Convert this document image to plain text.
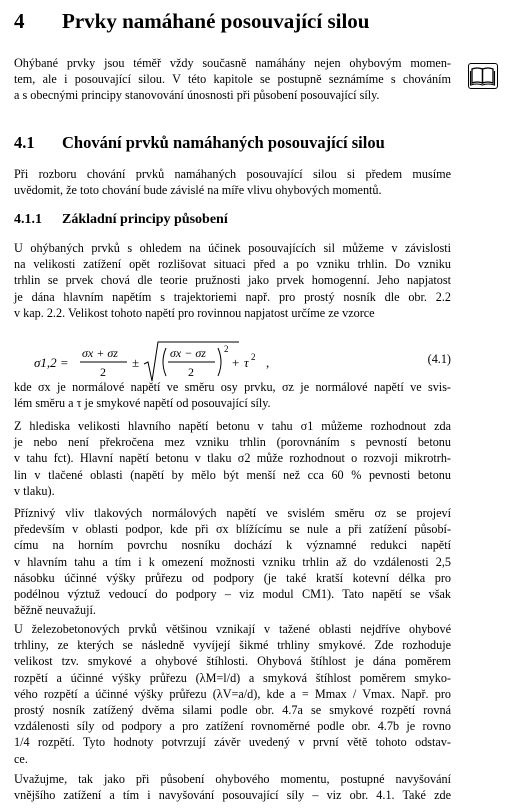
4 Prvky namáhané posouvající silou
Ohýbané prvky jsou téměř vždy současně namáhány nejen ohybovým momen-
tem, ale i posouvající silou. V této kapitole se postupně seznámíme s chováním
a s obecnými principy stanovování únosnosti při působení posouvající síly.
4.1 Chování prvků namáhaných posouvající silou
Při rozboru chování prvků namáhaných posouvající silou si předem musíme
uvědomit, že toto chování bude závislé na míře vlivu ohybových momentů.
4.1.1 Základní principy působení
U ohýbaných prvků s ohledem na účinek posouvajících sil můžeme v závislosti
na velikosti zatížení opět rozlišovat situaci před a po vzniku trhlin. Do vzniku
trhlin se prvek chová dle teorie pružnosti jako prvek homogenní. Jeho napjatost
je dána hlavním napětím s trajektoriemi např. pro prostý nosník dle obr. 2.2
v kap. 2.2. Velikost tohoto napětí pro rovinnou napjatost určíme ze vzorce
σ1,2 =
σx + σz
2
±
σx − σz
2
2
+ τ 2 ,	(4.1)
kde σx je normálové napětí ve směru osy prvku, σz je normálové napětí ve svis-
lém směru a τ je smykové napětí od posouvající síly.
Z hlediska velikosti hlavního napětí betonu v tahu σ1 můžeme rozhodnout zda
je nebo není překročena mez vzniku trhlin (porovnáním s pevností betonu
v tahu fct). Hlavní napětí betonu v tlaku σ2 může rozhodnout o rozvoji mikrotrh-
lin v tlačené oblasti (napětí by mělo být menší než cca 60 % pevnosti betonu
v tlaku).
Příznivý vliv tlakových normálových napětí ve svislém směru σz se projeví
především v oblasti podpor, kde při σx blížícímu se nule a při zatížení působí-
címu na horním povrchu nosníku dochází k významné redukci napětí
v hlavním tahu a tím i k omezení možnosti vzniku trhlin až do vzdálenosti 2,5
násobku účinné výšky průřezu od podpory (je také kratší kotevní délka pro
podélnou výztuž vedoucí do podpory – viz modul CM1). Tato napětí se však
běžně neuvažují.
U železobetonových prvků většinou vznikají v tažené oblasti nejdříve ohybové
trhliny, ze kterých se následně vyvíjejí šikmé trhliny smykové. Zde rozhoduje
velikost tzv. smykové a ohybové štíhlosti. Ohybová štíhlost je dána poměrem
rozpětí a účinné výšky průřezu (λM=l/d) a smyková štíhlost poměrem smyko-
vého rozpětí a účinné výšky průřezu (λV=a/d), kde a = Mmax / Vmax. Např. pro
prostý nosník zatížený dvěma silami podle obr. 4.7a se smykové rozpětí rovná
vzdálenosti síly od podpory a pro zatížení rovnoměrné podle obr. 4.7b je rovno
1/4 rozpětí. Tyto hodnoty potvrzují závěr uvedený v první větě tohoto odstav-
ce.
Uvažujme, tak jako při působení ohybového momentu, postupné navyšování
vnějšího zatížení a tím i navyšování posouvající síly – viz obr. 4.1. Také zde
